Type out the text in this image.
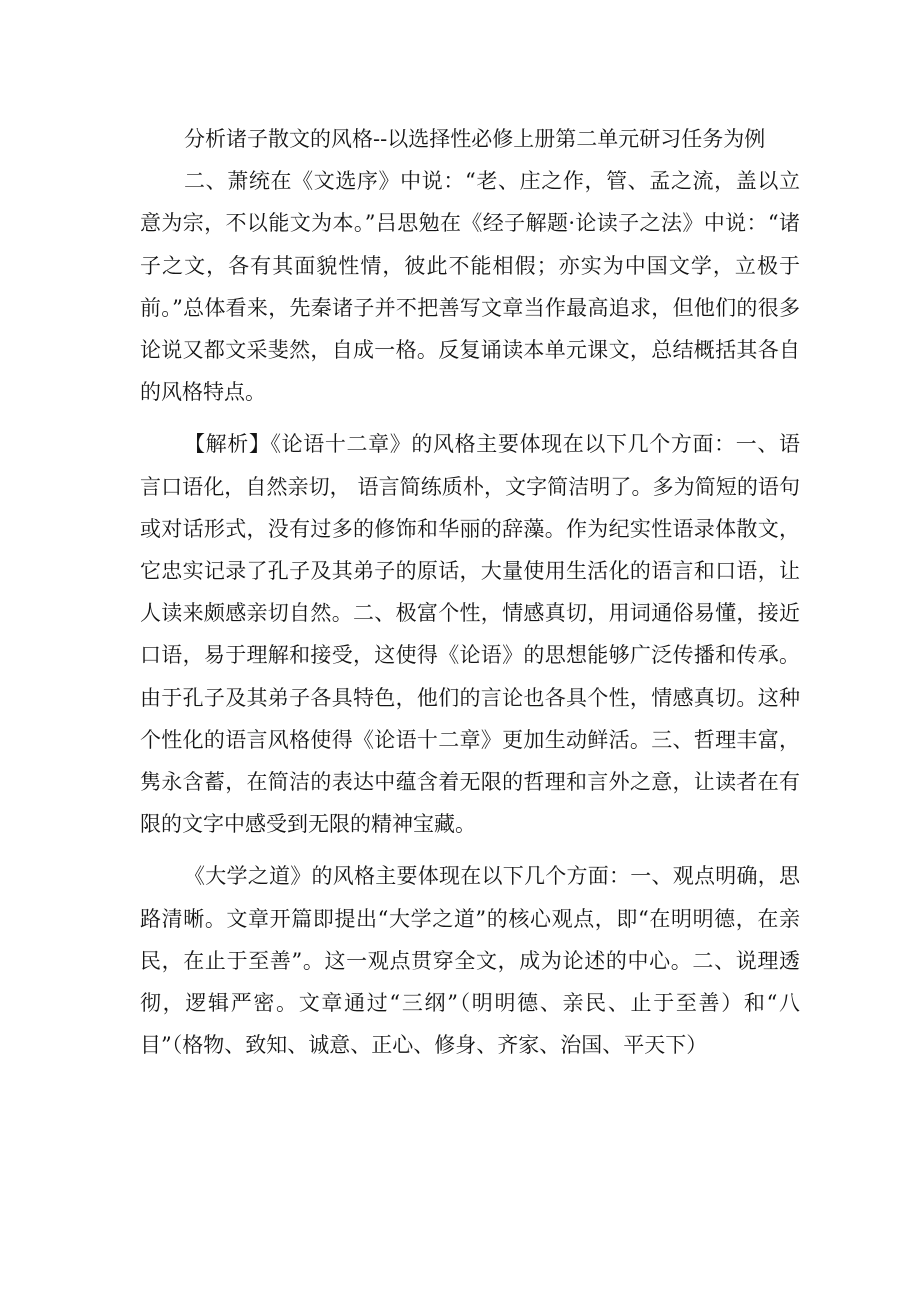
分析诸子散文的风格--以选择性必修上册第二单元研习任务为例

二、萧统在《文选序》中说：“老、庄之作，管、孟之流，盖以立意为宗，不以能文为本。”吕思勉在《经子解题·论读子之法》中说：“诸子之文，各有其面貌性情，彼此不能相假；亦实为中国文学，立极于前。”总体看来，先秦诸子并不把善写文章当作最高追求，但他们的很多论说又都文采斐然，自成一格。反复诵读本单元课文，总结概括其各自的风格特点。

【解析】《论语十二章》的风格主要体现在以下几个方面：一、语言口语化，自然亲切， 语言简练质朴，文字简洁明了。多为简短的语句或对话形式，没有过多的修饰和华丽的辞藻。作为纪实性语录体散文，它忠实记录了孔子及其弟子的原话，大量使用生活化的语言和口语，让人读来颇感亲切自然。二、极富个性，情感真切，用词通俗易懂，接近口语，易于理解和接受，这使得《论语》的思想能够广泛传播和传承。由于孔子及其弟子各具特色，他们的言论也各具个性，情感真切。这种个性化的语言风格使得《论语十二章》更加生动鲜活。三、哲理丰富，隽永含蓄，在简洁的表达中蕴含着无限的哲理和言外之意，让读者在有限的文字中感受到无限的精神宝藏。

《大学之道》的风格主要体现在以下几个方面：一、观点明确，思路清晰。文章开篇即提出“大学之道”的核心观点，即“在明明德，在亲民，在止于至善”。这一观点贯穿全文，成为论述的中心。二、说理透彻，逻辑严密。文章通过“三纲”（明明德、亲民、止于至善）和“八目”（格物、致知、诚意、正心、修身、齐家、治国、平天下）
